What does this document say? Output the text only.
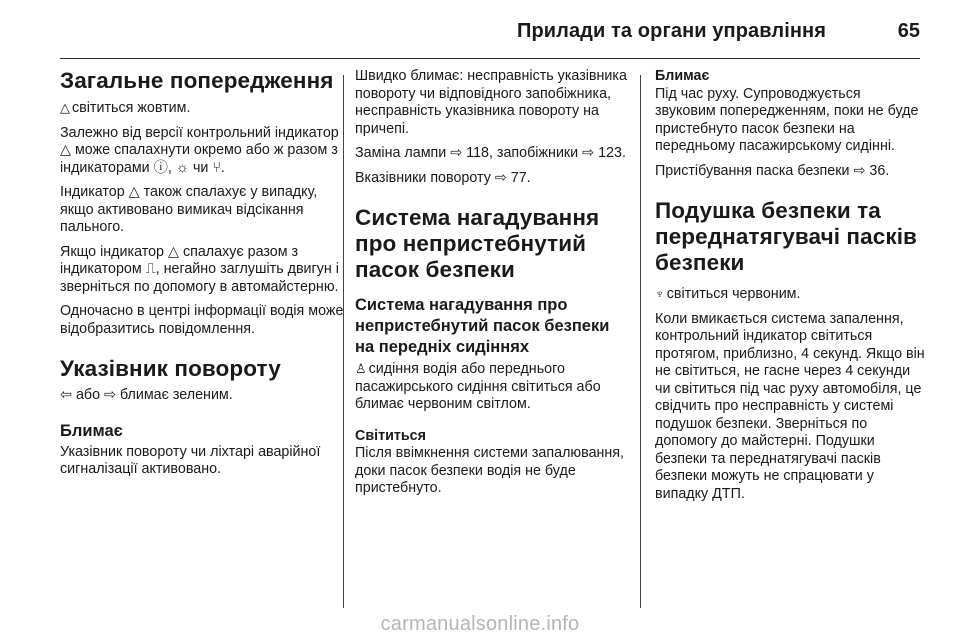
Прилади та органи управління	65
Загальне попередження

△ світиться жовтим.

Залежно від версії контрольний індикатор △ може спалахнути окремо або ж разом з індикаторами ⓘ, ☼ чи ⑂.

Індикатор △ також спалахує у випадку, якщо активовано вимикач відсікання пального.

Якщо індикатор △ спалахує разом з індикатором ⎍, негайно заглушіть двигун і зверніться по допомогу в автомайстерню.

Одночасно в центрі інформації водія може відобразитись повідомлення.

Указівник повороту

⇦ або ⇨ блимає зеленим.

Блимає

Указівник повороту чи ліхтарі аварійної сигналізації активовано.

Швидко блимає: несправність указівника повороту чи відповідного запобіжника, несправність указівника повороту на причепі.

Заміна лампи ⇨ 118, запобіжники ⇨ 123.

Вказівники повороту ⇨ 77.

Система нагадування про непристебнутий пасок безпеки
Система нагадування про непристебнутий пасок безпеки на передніх сидіннях

♙ сидіння водія або переднього пасажирського сидіння світиться або блимає червоним світлом.

Світиться

Після ввімкнення системи запалювання, доки пасок безпеки водія не буде пристебнуто.

Блимає

Під час руху. Супроводжується звуковим попередженням, поки не буде пристебнуто пасок безпеки на передньому пасажирському сидінні.

Пристібування паска безпеки ⇨ 36.

Подушка безпеки та переднатягувачі пасків безпеки

♆ світиться червоним.

Коли вмикається система запалення, контрольний індикатор світиться протягом, приблизно, 4 секунд. Якщо він не світиться, не гасне через 4 секунди чи світиться під час руху автомобіля, це свідчить про несправність у системі подушок безпеки. Зверніться по допомогу до майстерні. Подушки безпеки та переднатягувачі пасків безпеки можуть не спрацювати у випадку ДТП.

carmanualsonline.info
